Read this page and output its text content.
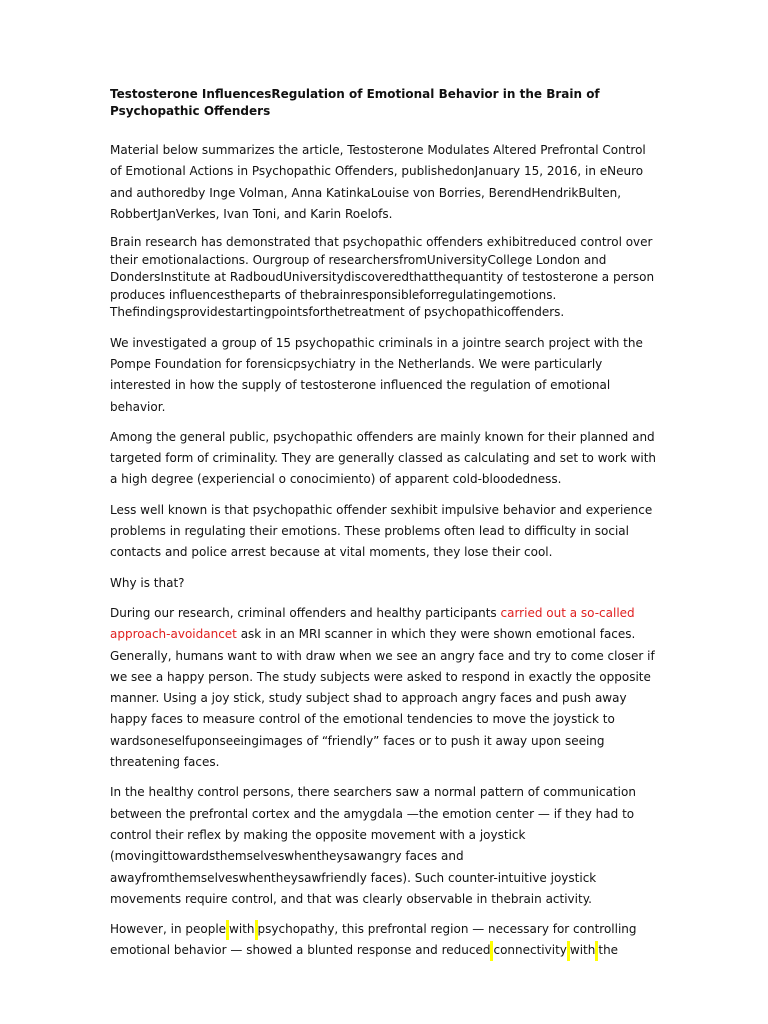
Testosterone InfluencesRegulation of Emotional Behavior in the Brain of Psychopathic Offenders

Material below summarizes the article, Testosterone Modulates Altered Prefrontal Control of Emotional Actions in Psychopathic Offenders, publishedonJanuary 15, 2016, in eNeuro and authoredby Inge Volman, Anna KatinkaLouise von Borries, BerendHendrikBulten, RobbertJanVerkes, Ivan Toni, and Karin Roelofs.

Brain research has demonstrated that psychopathic offenders exhibitreduced control over their emotionalactions. Ourgroup of researchersfromUniversityCollege London and DondersInstitute at RadboudUniversitydiscoveredthatthequantity of testosterone a person produces influencestheparts of thebrainresponsibleforregulatingemotions. Thefindingsprovidestartingpointsforthetreatment of psychopathicoffenders.

We investigated a group of 15 psychopathic criminals in a jointre search project with the Pompe Foundation for forensicpsychiatry in the Netherlands. We were particularly interested in how the supply of testosterone influenced the regulation of emotional behavior.

Among the general public, psychopathic offenders are mainly known for their planned and targeted form of criminality. They are generally classed as calculating and set to work with a high degree (experiencial o conocimiento) of apparent cold-bloodedness.

Less well known is that psychopathic offender sexhibit impulsive behavior and experience problems in regulating their emotions. These problems often lead to difficulty in social contacts and police arrest because at vital moments, they lose their cool.

Why is that?

During our research, criminal offenders and healthy participants carried out a so-called approach-avoidancet ask in an MRI scanner in which they were shown emotional faces. Generally, humans want to with draw when we see an angry face and try to come closer if we see a happy person. The study subjects were asked to respond in exactly the opposite manner. Using a joy stick, study subject shad to approach angry faces and push away happy faces to measure control of the emotional tendencies to move the joystick to wardsoneselfuponseeingimages of “friendly” faces or to push it away upon seeing threatening faces.

In the healthy control persons, there searchers saw a normal pattern of communication between the prefrontal cortex and the amygdala —the emotion center — if they had to control their reflex by making the opposite movement with a joystick (movingittowardsthemselveswhentheysawangry faces and awayfromthemselveswhentheysawfriendly faces). Such counter-intuitive joystick movements require control, and that was clearly observable in thebrain activity.

However, in people with psychopathy, this prefrontal region — necessary for controlling emotional behavior — showed a blunted response and reduced connectivity with the
